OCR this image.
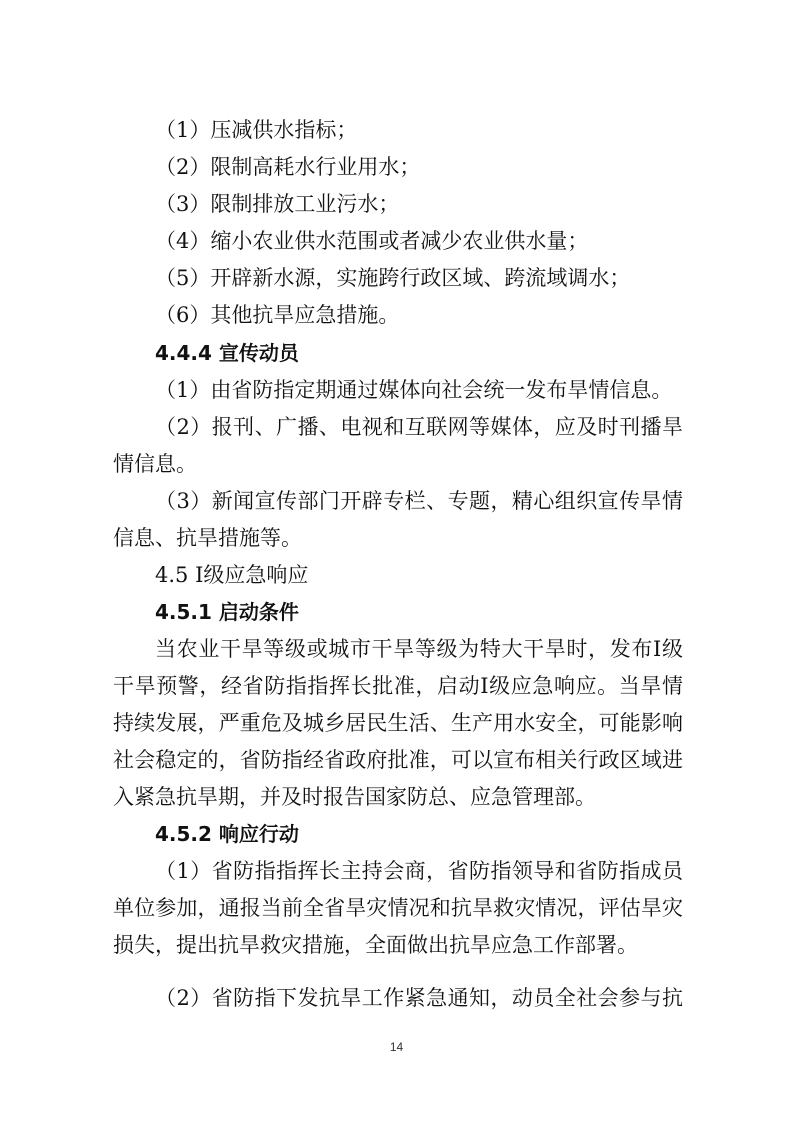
（1）压减供水指标；
（2）限制高耗水行业用水；
（3）限制排放工业污水；
（4）缩小农业供水范围或者减少农业供水量；
（5）开辟新水源，实施跨行政区域、跨流域调水；
（6）其他抗旱应急措施。
4.4.4 宣传动员
（1）由省防指定期通过媒体向社会统一发布旱情信息。
（2）报刊、广播、电视和互联网等媒体，应及时刊播旱
情信息。
（3）新闻宣传部门开辟专栏、专题，精心组织宣传旱情
信息、抗旱措施等。
4.5 Ⅰ级应急响应
4.5.1 启动条件
当农业干旱等级或城市干旱等级为特大干旱时，发布Ⅰ级
干旱预警，经省防指指挥长批准，启动Ⅰ级应急响应。当旱情
持续发展，严重危及城乡居民生活、生产用水安全，可能影响
社会稳定的，省防指经省政府批准，可以宣布相关行政区域进
入紧急抗旱期，并及时报告国家防总、应急管理部。
4.5.2 响应行动
（1）省防指指挥长主持会商，省防指领导和省防指成员
单位参加，通报当前全省旱灾情况和抗旱救灾情况，评估旱灾
损失，提出抗旱救灾措施，全面做出抗旱应急工作部署。
（2）省防指下发抗旱工作紧急通知，动员全社会参与抗
14
